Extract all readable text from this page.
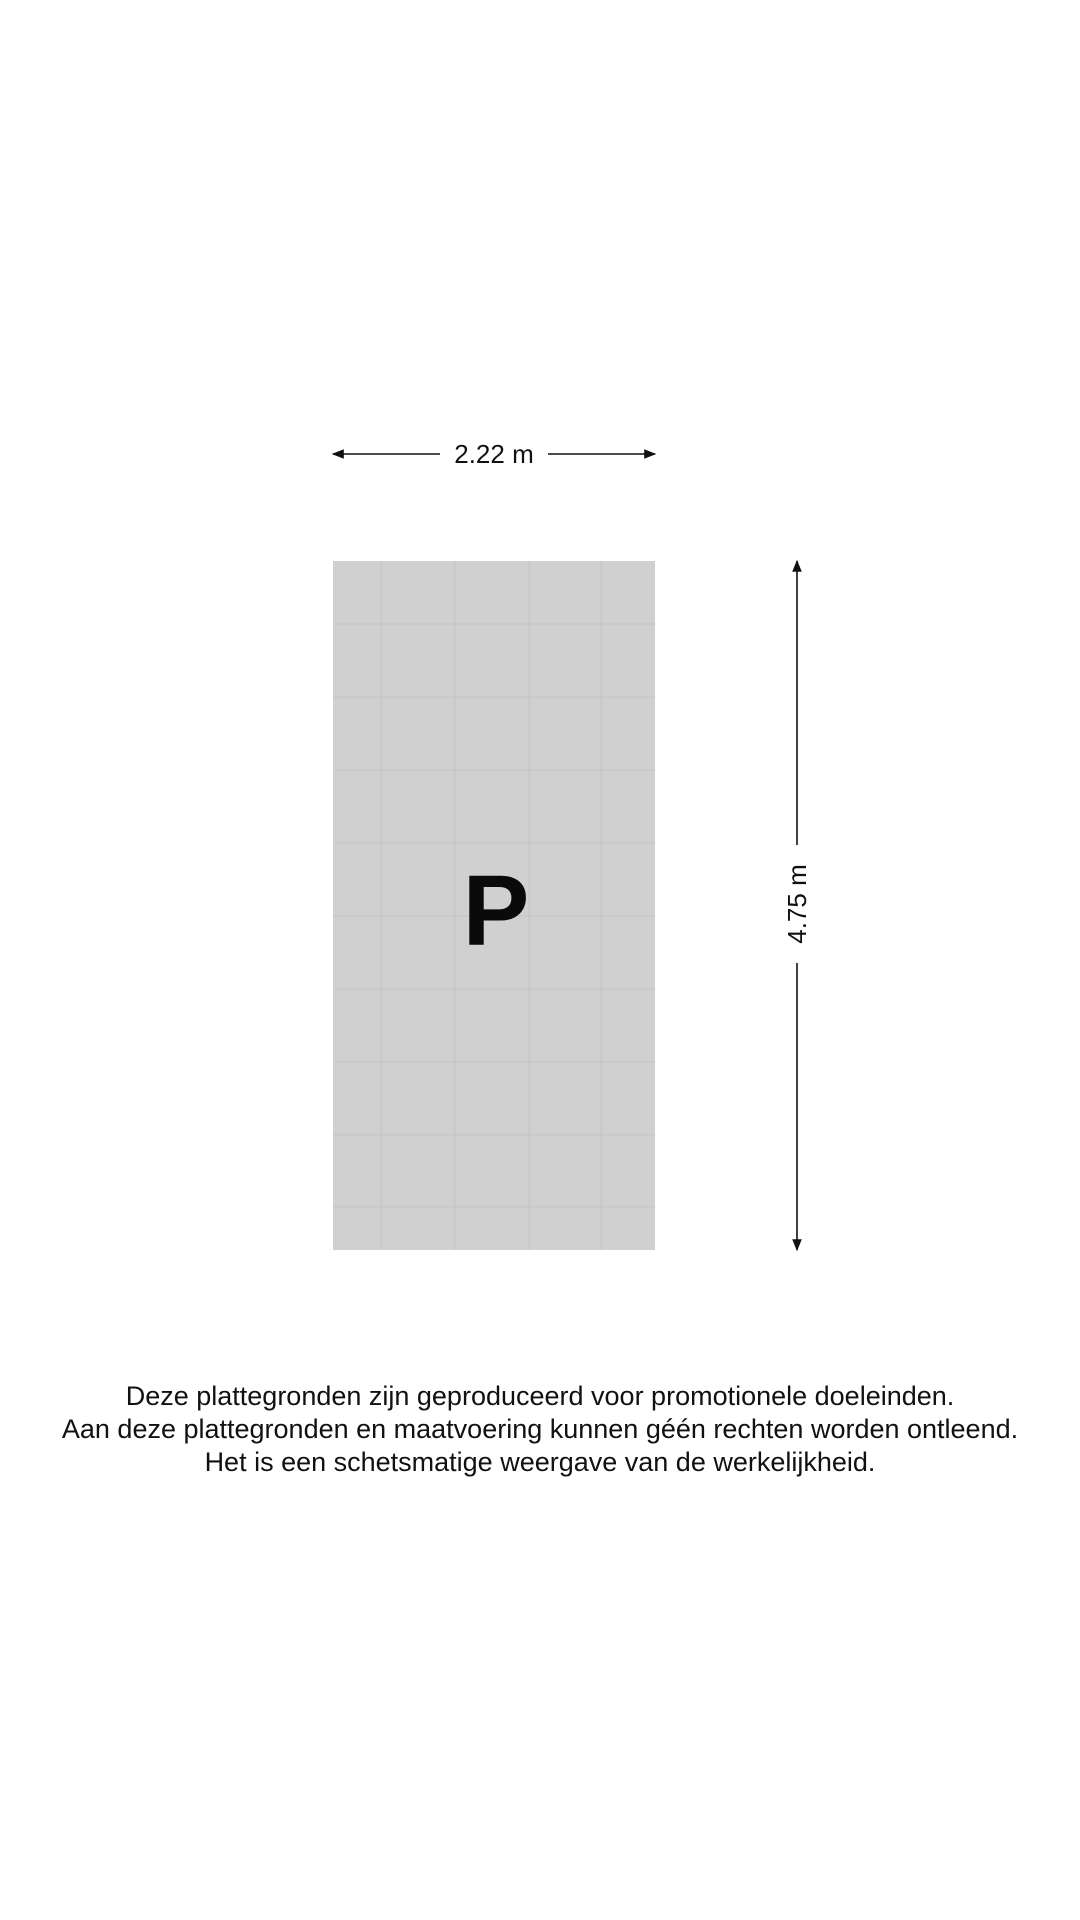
2.22 m
P	4.75 m
Deze plattegronden zijn geproduceerd voor promotionele doeleinden.
Aan deze plattegronden en maatvoering kunnen géén rechten worden ontleend.
Het is een schetsmatige weergave van de werkelijkheid.
